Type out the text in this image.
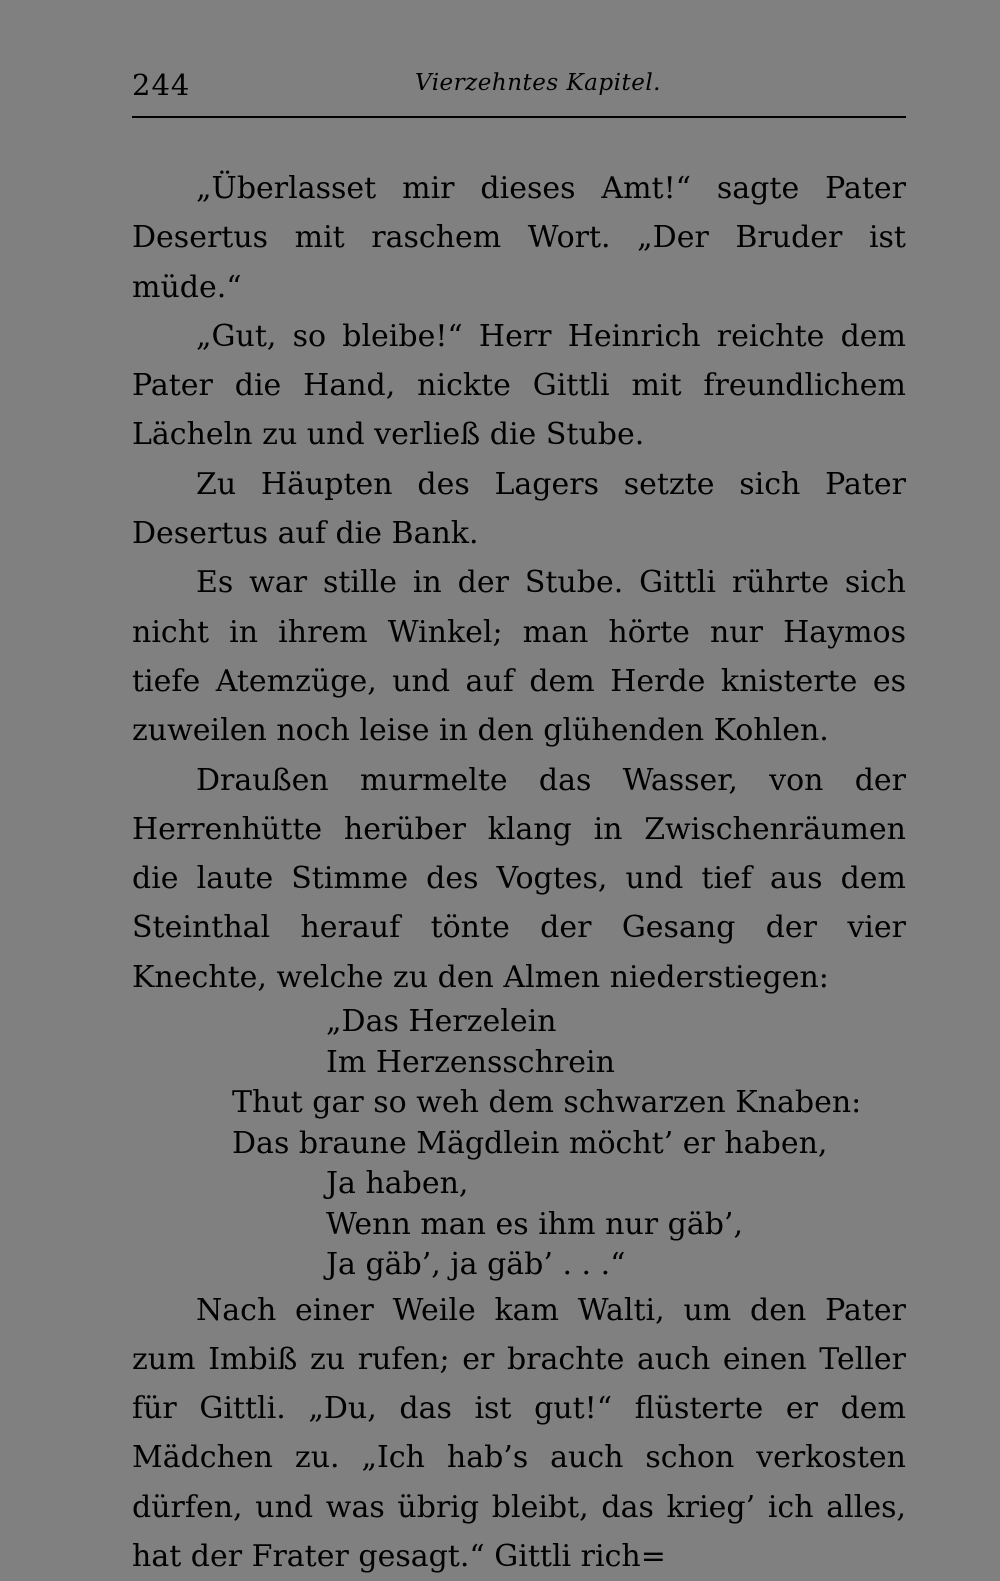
244	Vierzehntes Kapitel.

„Überlasset mir dieses Amt!“ sagte Pater Desertus mit raschem Wort. „Der Bruder ist müde.“

„Gut, so bleibe!“ Herr Heinrich reichte dem Pater die Hand, nickte Gittli mit freundlichem Lächeln zu und verließ die Stube.

Zu Häupten des Lagers setzte sich Pater Desertus auf die Bank.

Es war stille in der Stube. Gittli rührte sich nicht in ihrem Winkel; man hörte nur Haymos tiefe Atemzüge, und auf dem Herde knisterte es zuweilen noch leise in den glühenden Kohlen.

Draußen murmelte das Wasser, von der Herrenhütte herüber klang in Zwischenräumen die laute Stimme des Vogtes, und tief aus dem Steinthal herauf tönte der Gesang der vier Knechte, welche zu den Almen niederstiegen:

„Das Herzelein
Im Herzensschrein
Thut gar so weh dem schwarzen Knaben:
Das braune Mägdlein möcht’ er haben,
Ja haben,
Wenn man es ihm nur gäb’,
Ja gäb’, ja gäb’ . . .“

Nach einer Weile kam Walti, um den Pater zum Imbiß zu rufen; er brachte auch einen Teller für Gittli. „Du, das ist gut!“ flüsterte er dem Mädchen zu. „Ich hab’s auch schon verkosten dürfen, und was übrig bleibt, das krieg’ ich alles, hat der Frater gesagt.“ Gittli rich=
